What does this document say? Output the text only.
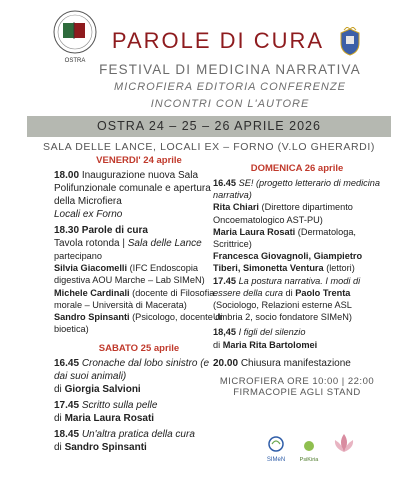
OSTRA
PAROLE DI CURA
FESTIVAL DI MEDICINA NARRATIVA
MICROFIERA EDITORIA CONFERENZE
INCONTRI CON L'AUTORE
OSTRA 24 – 25 – 26 APRILE 2026
SALA DELLE LANCE, LOCALI EX – FORNO (V.LO GHERARDI)
VENERDI' 24 aprile
18.00 Inaugurazione nuova Sala Polifunzionale comunale e apertura della Microfiera
Locali ex Forno
18.30 Parole di cura
Tavola rotonda | Sala delle Lance
partecipano
Silvia Giacomelli (IFC Endoscopia digestiva AOU Marche – Lab SIMeN)
Michele Cardinali (docente di Filosofia morale – Università di Macerata)
Sandro Spinsanti (Psicologo, docente di bioetica)
SABATO 25 aprile
16.45 Cronache dal lobo sinistro (e dai suoi animali)
di Giorgia Salvioni
17.45 Scritto sulla pelle
di Maria Laura Rosati
18.45 Un'altra pratica della cura
di Sandro Spinsanti
DOMENICA 26 aprile
16.45 SE! (progetto letterario di medicina narrativa)
Rita Chiari (Direttore dipartimento Oncoematologico AST-PU)
Maria Laura Rosati (Dermatologa, Scrittrice)
Francesca Giovagnoli, Giampietro Tiberi, Simonetta Ventura (lettori)
17.45 La postura narrativa. I modi di essere della cura di Paolo Trenta (Sociologo, Relazioni esterne ASL Umbria 2, socio fondatore SIMeN)
18,45 I figli del silenzio
di Maria Rita Bartolomei
20.00 Chiusura manifestazione
MICROFIERA ORE 10:00 | 22:00
FIRMACOPIE AGLI STAND
SIMeN	PsiKiria
